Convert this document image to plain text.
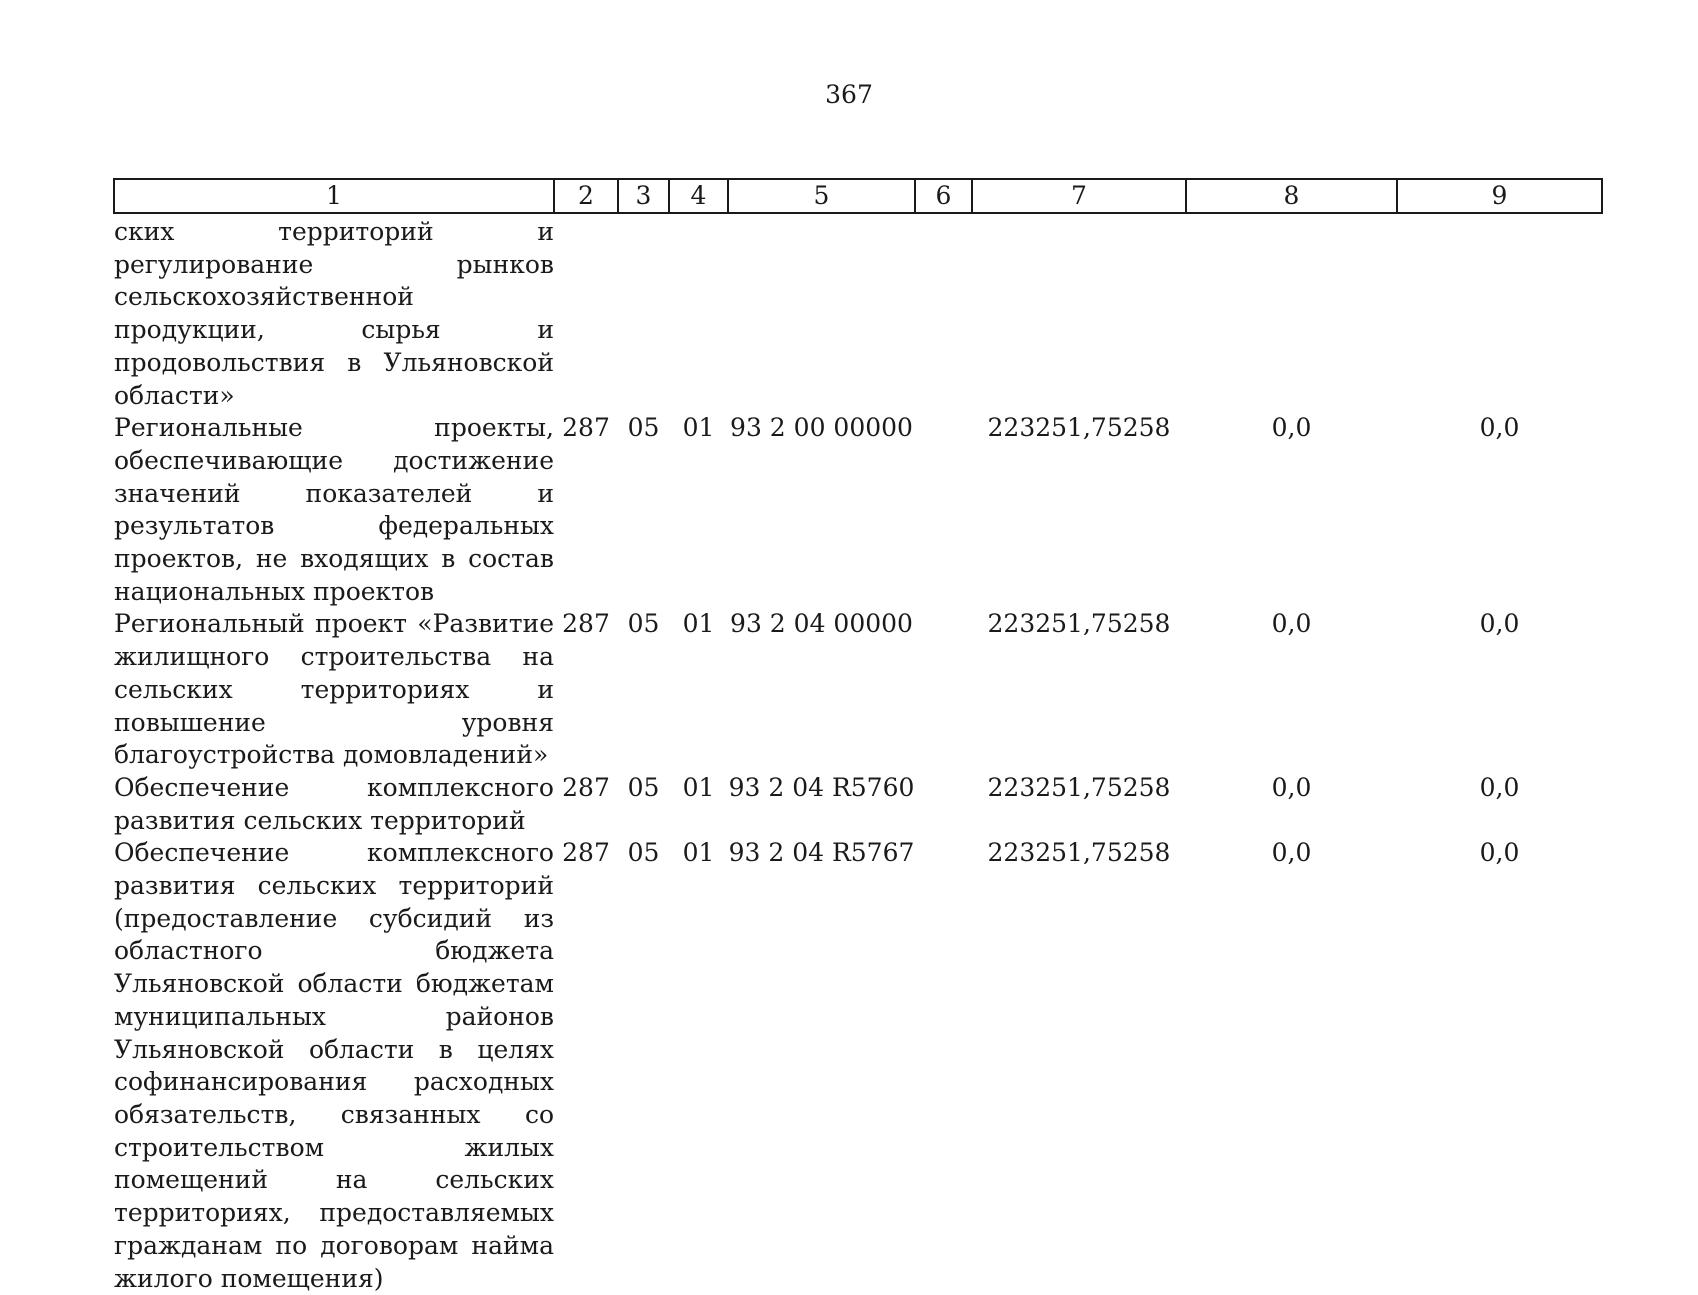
367
1	2	3	4	5	6	7	8	9
ских территорий и регулирование рынков сельскохозяйственной продукции, сырья и продовольствия в Ульяновской области»								
Региональные проекты, обеспечивающие достижение значений показателей и результатов федеральных проектов, не входящих в состав национальных проектов	287	05	01	93 2 00 00000		223251,75258	0,0	0,0
Региональный проект «Развитие жилищного строительства на сельских территориях и повышение уровня благоустройства домовладений»	287	05	01	93 2 04 00000		223251,75258	0,0	0,0
Обеспечение комплексного развития сельских территорий	287	05	01	93 2 04 R5760		223251,75258	0,0	0,0
Обеспечение комплексного развития сельских территорий (предоставление субсидий из областного бюджета Ульяновской области бюджетам муниципальных районов Ульяновской области в целях софинансирования расходных обязательств, связанных со строительством жилых помещений на сельских территориях, предоставляемых гражданам по договорам найма жилого помещения)	287	05	01	93 2 04 R5767		223251,75258	0,0	0,0
